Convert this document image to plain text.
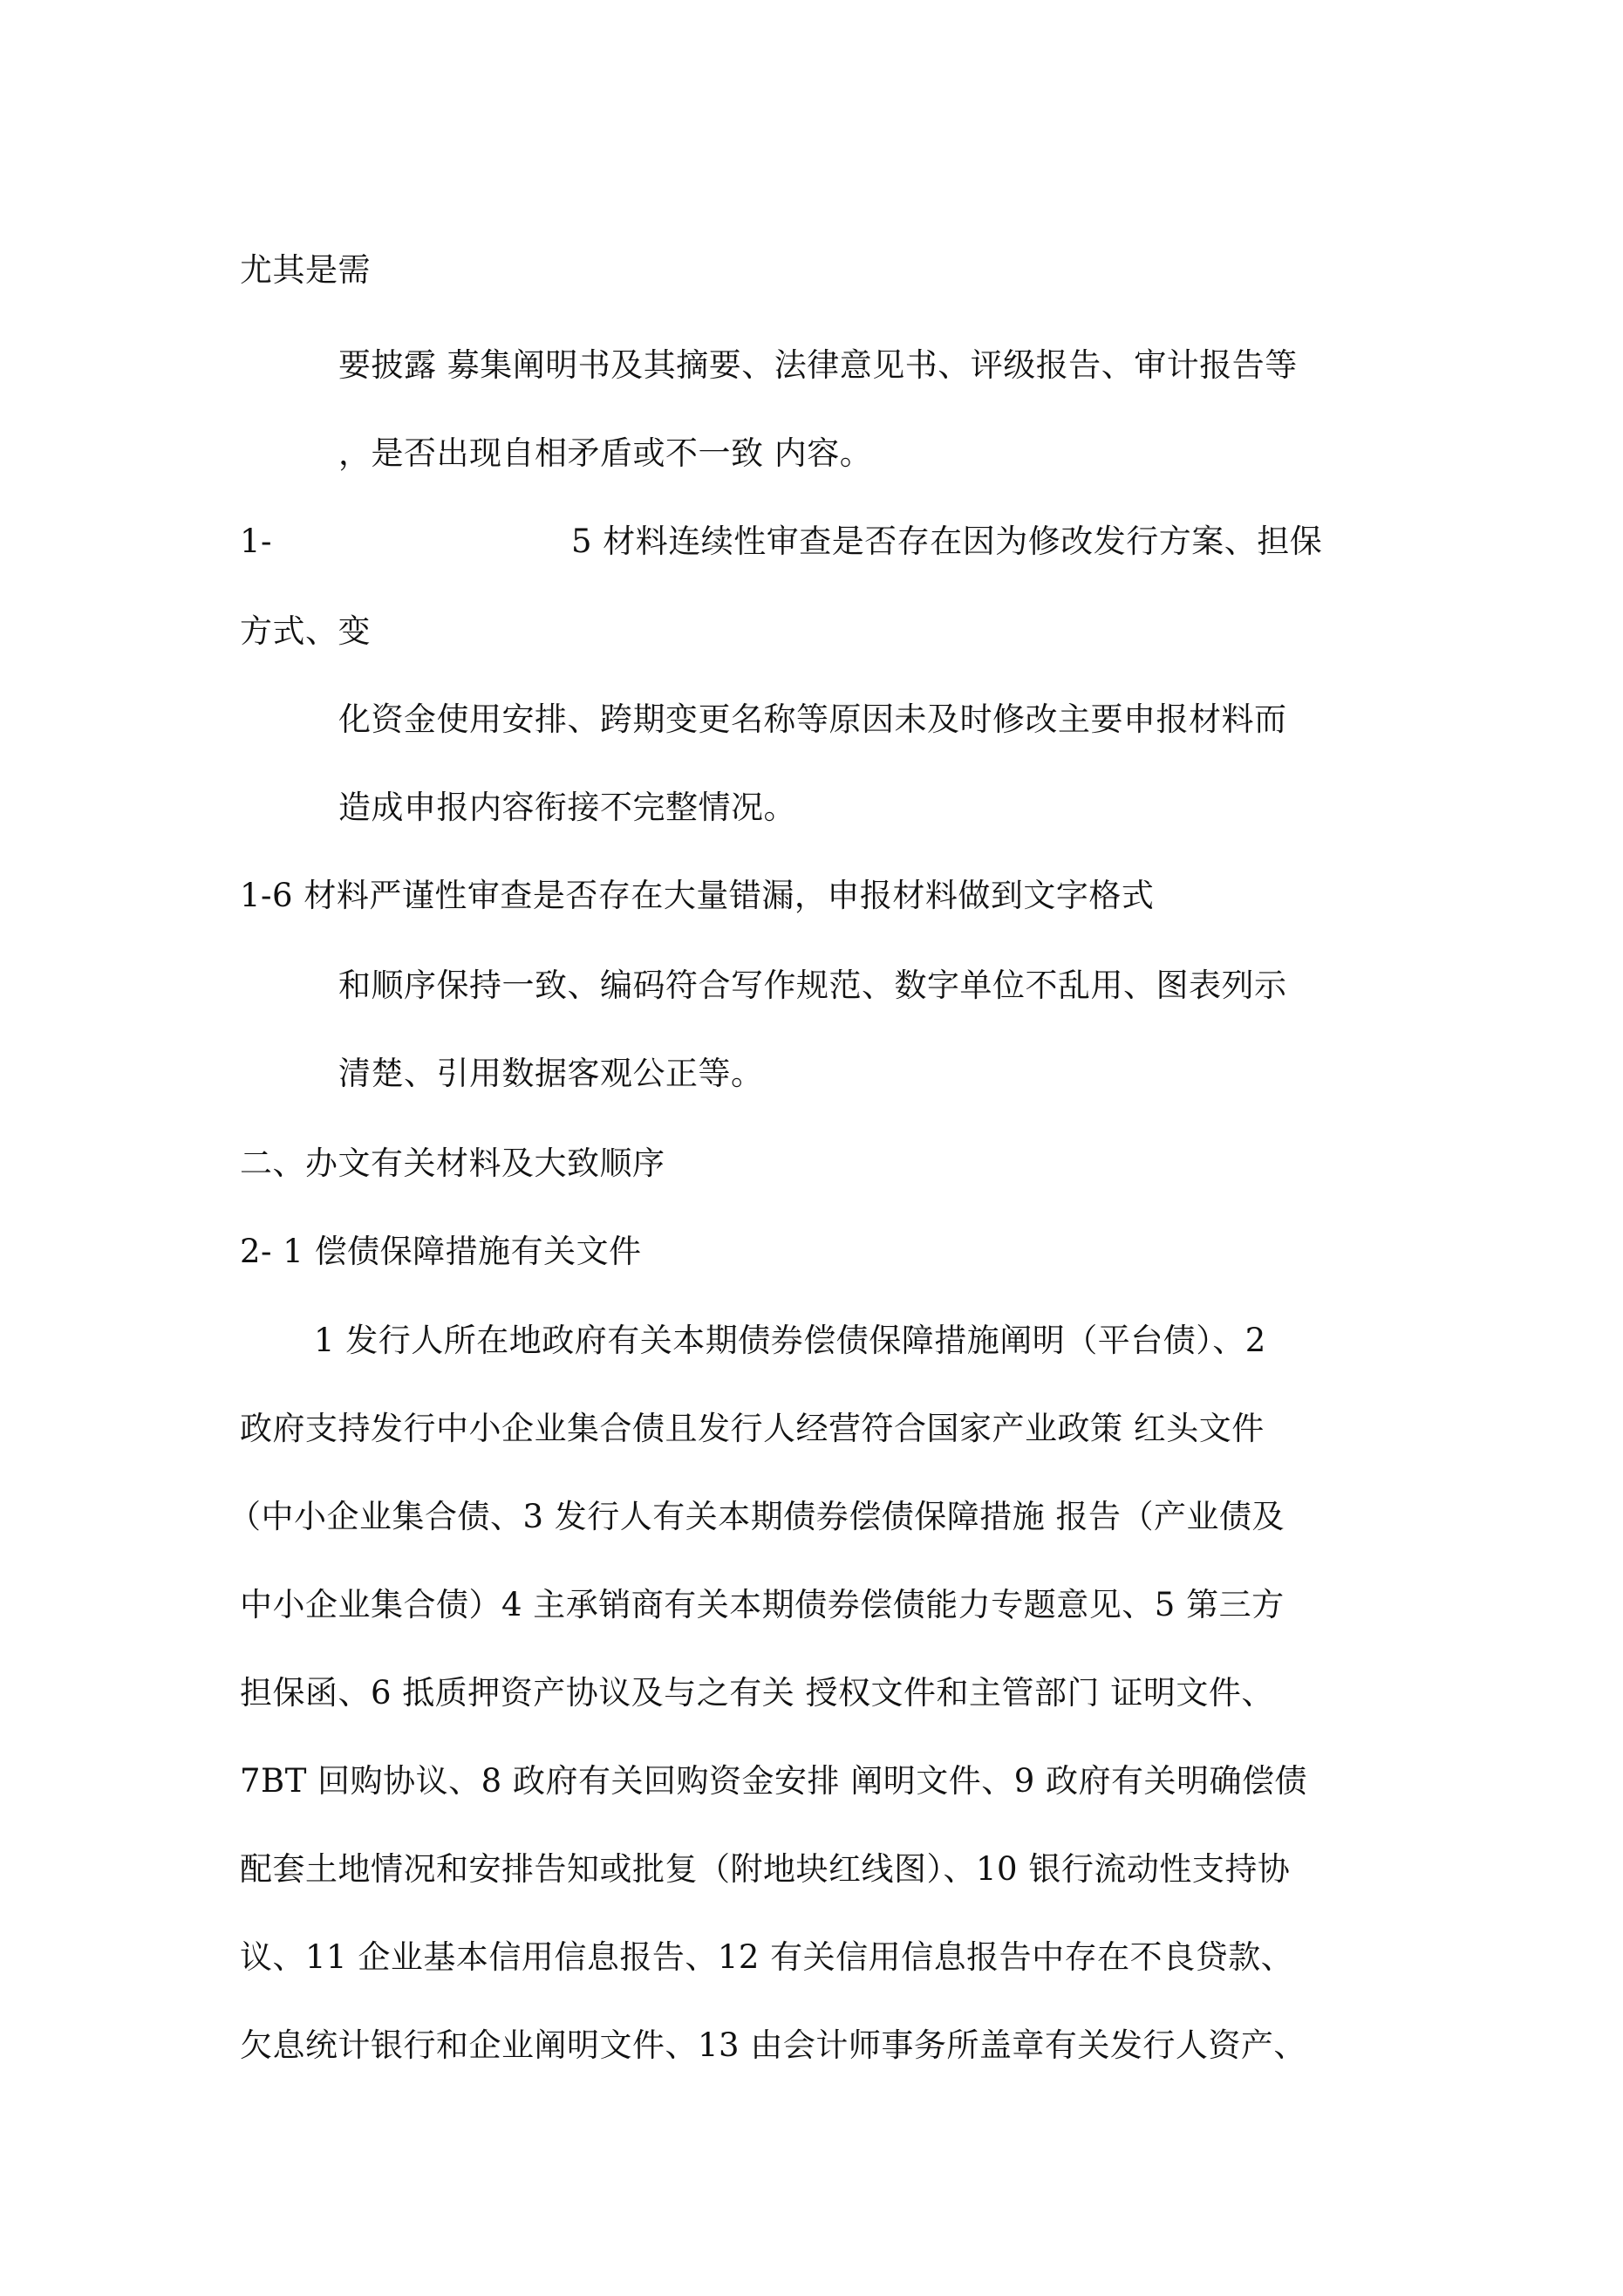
尤其是需
要披露 募集阐明书及其摘要、法律意见书、评级报告、审计报告等
，是否出现自相矛盾或不一致 内容。
1-	5 材料连续性审查是否存在因为修改发行方案、担保
方式、变
化资金使用安排、跨期变更名称等原因未及时修改主要申报材料而
造成申报内容衔接不完整情况。
1-6 材料严谨性审查是否存在大量错漏，申报材料做到文字格式
和顺序保持一致、编码符合写作规范、数字单位不乱用、图表列示
清楚、引用数据客观公正等。
二、办文有关材料及大致顺序
2- 1 偿债保障措施有关文件
1 发行人所在地政府有关本期债券偿债保障措施阐明（平台债）、2
政府支持发行中小企业集合债且发行人经营符合国家产业政策 红头文件
（中小企业集合债、3 发行人有关本期债券偿债保障措施 报告（产业债及
中小企业集合债）4 主承销商有关本期债券偿债能力专题意见、5 第三方
担保函、6 抵质押资产协议及与之有关 授权文件和主管部门 证明文件、
7BT 回购协议、8 政府有关回购资金安排 阐明文件、9 政府有关明确偿债
配套土地情况和安排告知或批复（附地块红线图）、10 银行流动性支持协
议、11 企业基本信用信息报告、12 有关信用信息报告中存在不良贷款、
欠息统计银行和企业阐明文件、13 由会计师事务所盖章有关发行人资产、
